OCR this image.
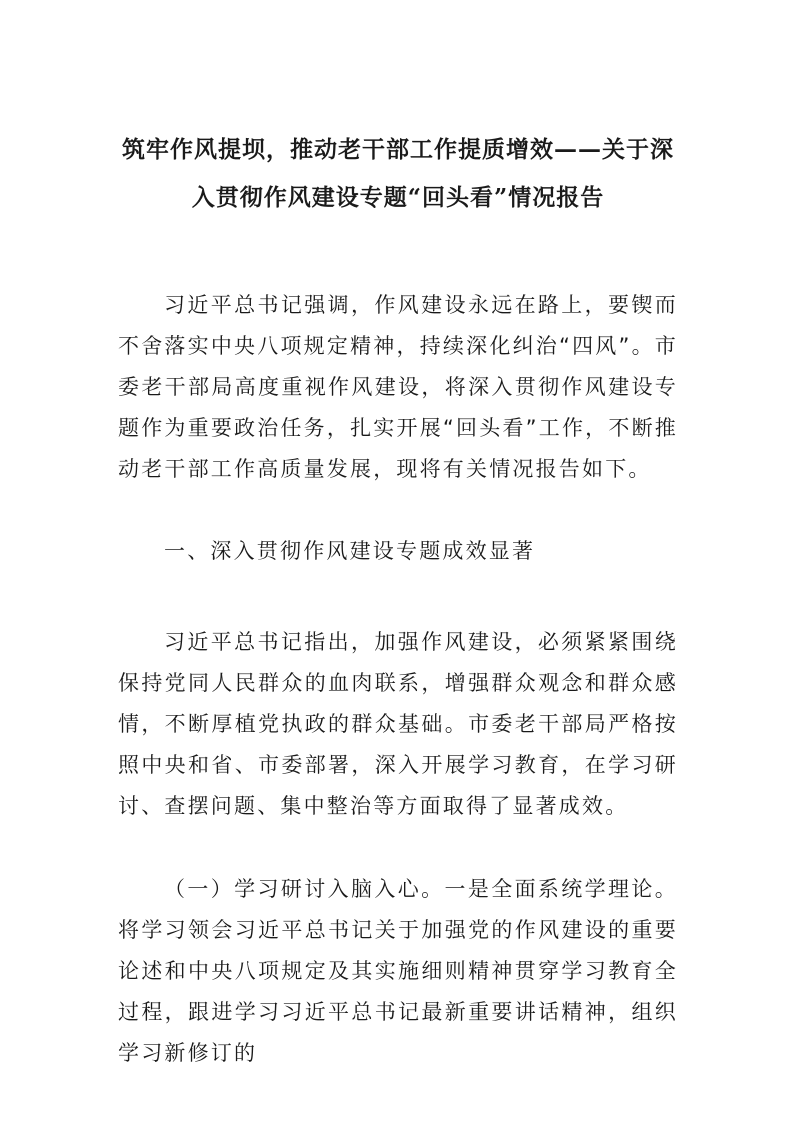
筑牢作风提坝，推动老干部工作提质增效——关于深入贯彻作风建设专题“回头看”情况报告
习近平总书记强调，作风建设永远在路上，要锲而不舍落实中央八项规定精神，持续深化纠治“四风”。市委老干部局高度重视作风建设，将深入贯彻作风建设专题作为重要政治任务，扎实开展“回头看”工作，不断推动老干部工作高质量发展，现将有关情况报告如下。
一、深入贯彻作风建设专题成效显著
习近平总书记指出，加强作风建设，必须紧紧围绕保持党同人民群众的血肉联系，增强群众观念和群众感情，不断厚植党执政的群众基础。市委老干部局严格按照中央和省、市委部署，深入开展学习教育，在学习研讨、查摆问题、集中整治等方面取得了显著成效。
（一）学习研讨入脑入心。一是全面系统学理论。将学习领会习近平总书记关于加强党的作风建设的重要论述和中央八项规定及其实施细则精神贯穿学习教育全过程，跟进学习习近平总书记最新重要讲话精神，组织学习新修订的
